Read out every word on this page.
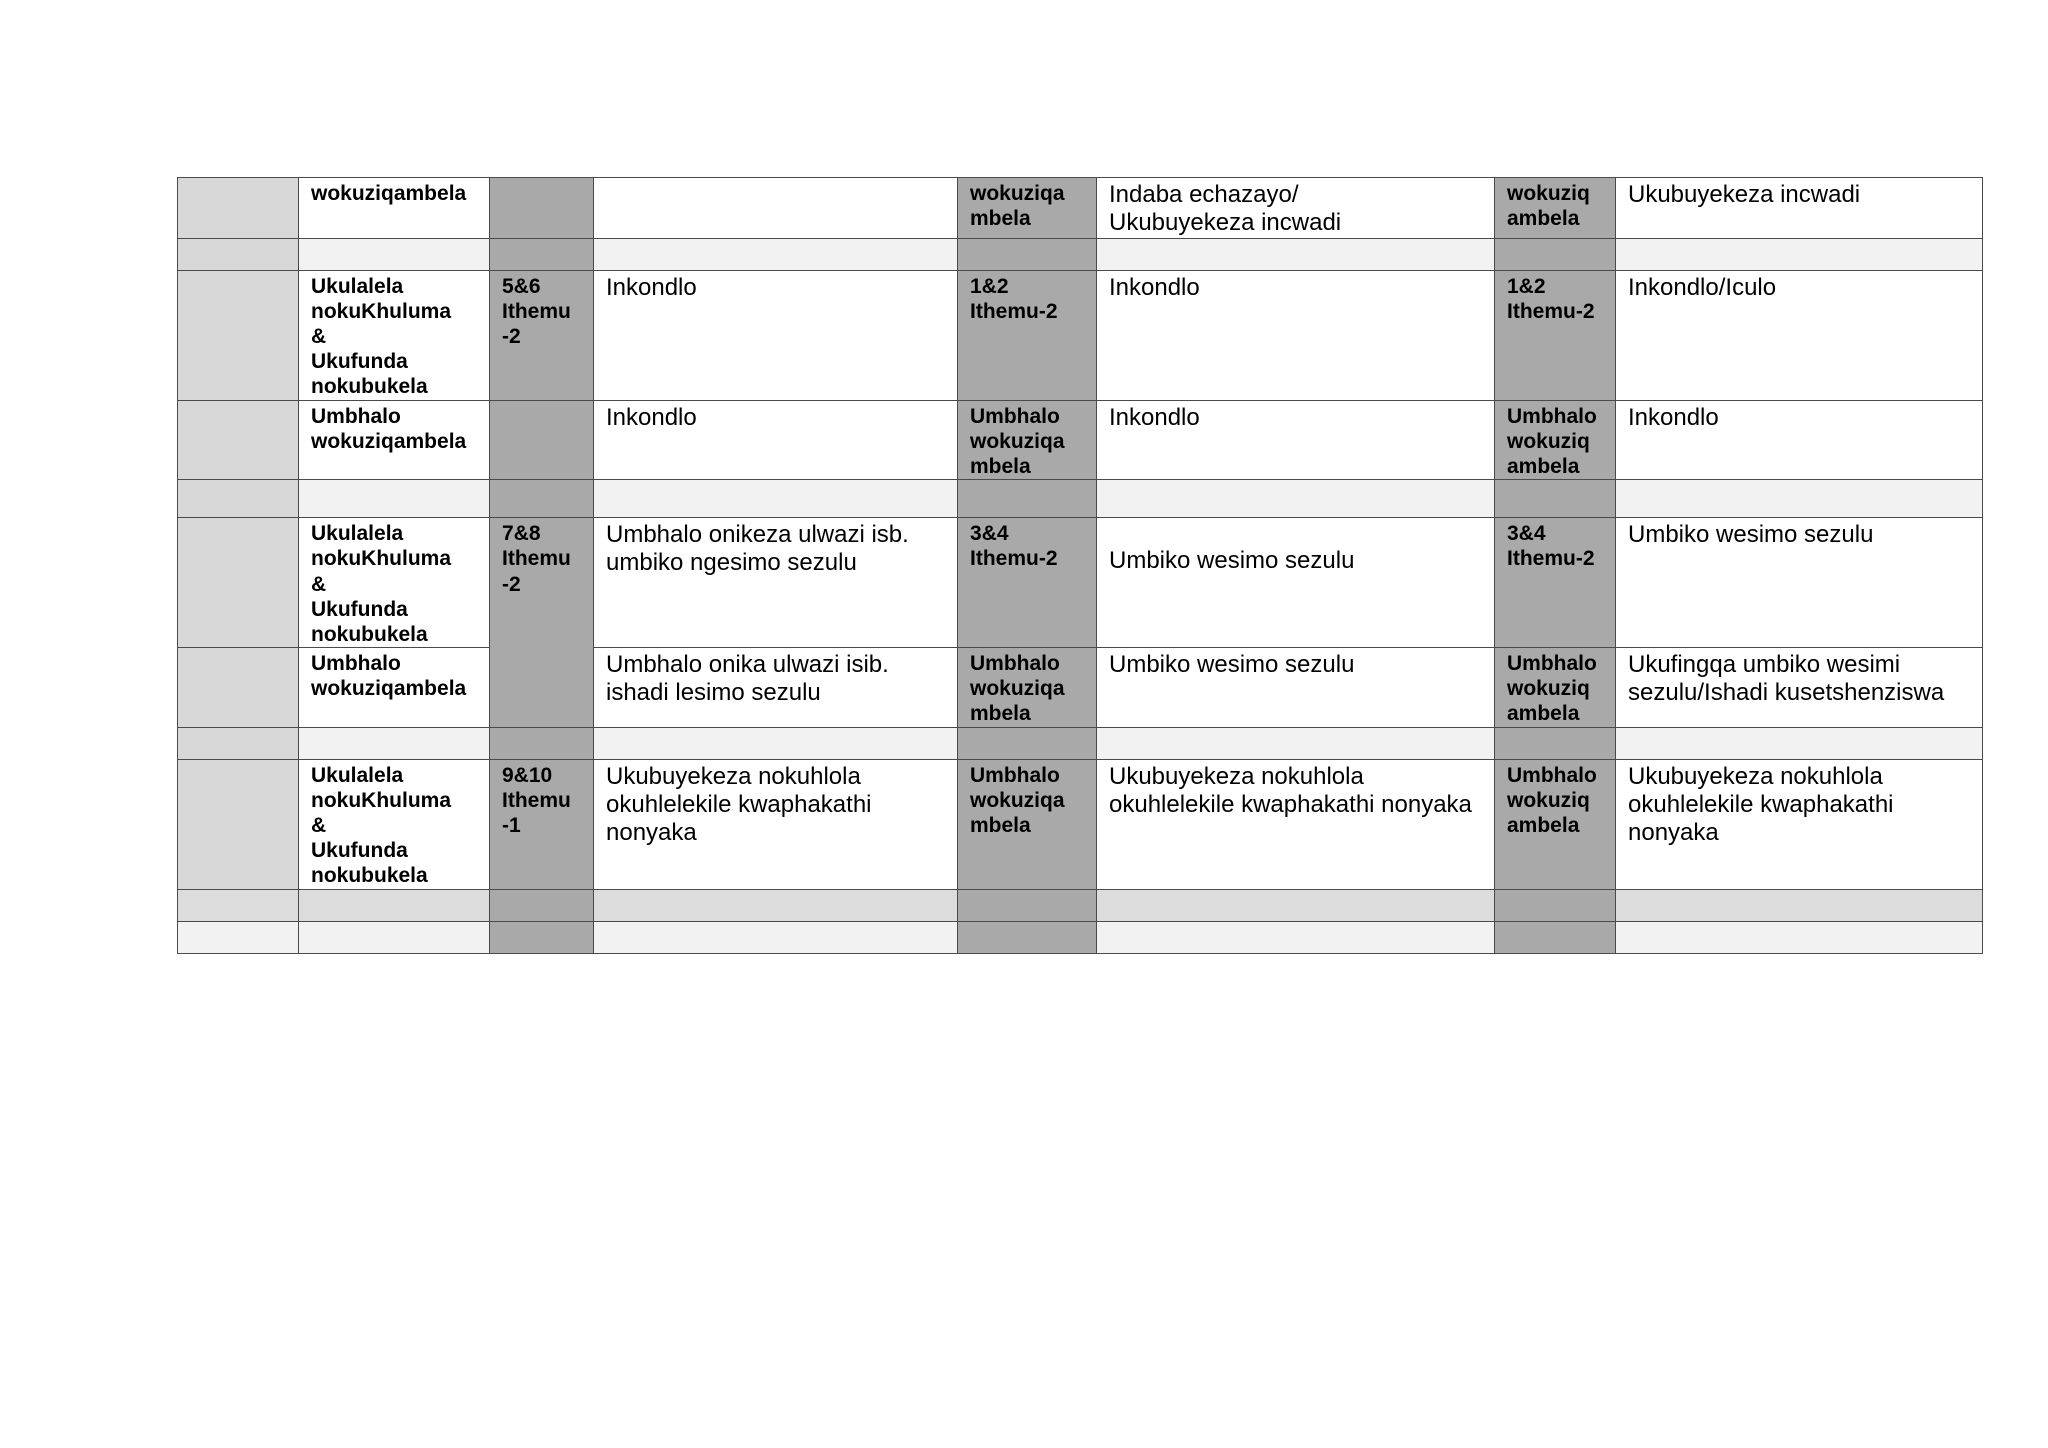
	wokuziqambela			wokuziqa
mbela	Indaba echazayo/
Ukubuyekeza incwadi	wokuziq
ambela	Ukubuyekeza incwadi

	Ukulalela
nokuKhuluma
&
Ukufunda
nokubukela	5&6
Ithemu
-2	Inkondlo	1&2
Ithemu-2	Inkondlo	1&2
Ithemu-2	Inkondlo/Iculo

	Umbhalo
wokuziqambela		Inkondlo	Umbhalo
wokuziqa
mbela	Inkondlo	Umbhalo
wokuziq
ambela	Inkondlo

	Ukulalela
nokuKhuluma
&
Ukufunda
nokubukela	7&8
Ithemu
-2	Umbhalo onikeza ulwazi isb.
umbiko ngesimo sezulu	3&4
Ithemu-2	Umbiko wesimo sezulu	3&4
Ithemu-2	Umbiko wesimo sezulu

	Umbhalo
wokuziqambela		Umbhalo onika ulwazi isib.
ishadi lesimo sezulu	Umbhalo
wokuziqa
mbela	Umbiko wesimo sezulu	Umbhalo
wokuziq
ambela	Ukufingqa umbiko wesimi
sezulu/Ishadi kusetshenziswa

	Ukulalela
nokuKhuluma
&
Ukufunda
nokubukela	9&10
Ithemu
-1	Ukubuyekeza nokuhlola
okuhlelekile kwaphakathi
nonyaka	Umbhalo
wokuziqa
mbela	Ukubuyekeza nokuhlola
okuhlelekile kwaphakathi nonyaka	Umbhalo
wokuziq
ambela	Ukubuyekeza nokuhlola
okuhlelekile kwaphakathi
nonyaka
